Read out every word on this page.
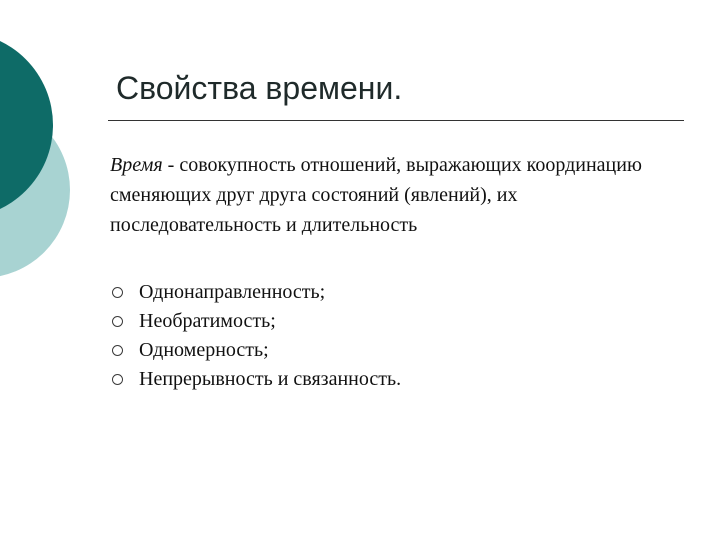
Свойства времени.

Время - совокупность отношений, выражающих координацию сменяющих друг друга состояний (явлений), их последовательность и длительность

Однонаправленность;
Необратимость;
Одномерность;
Непрерывность и связанность.
